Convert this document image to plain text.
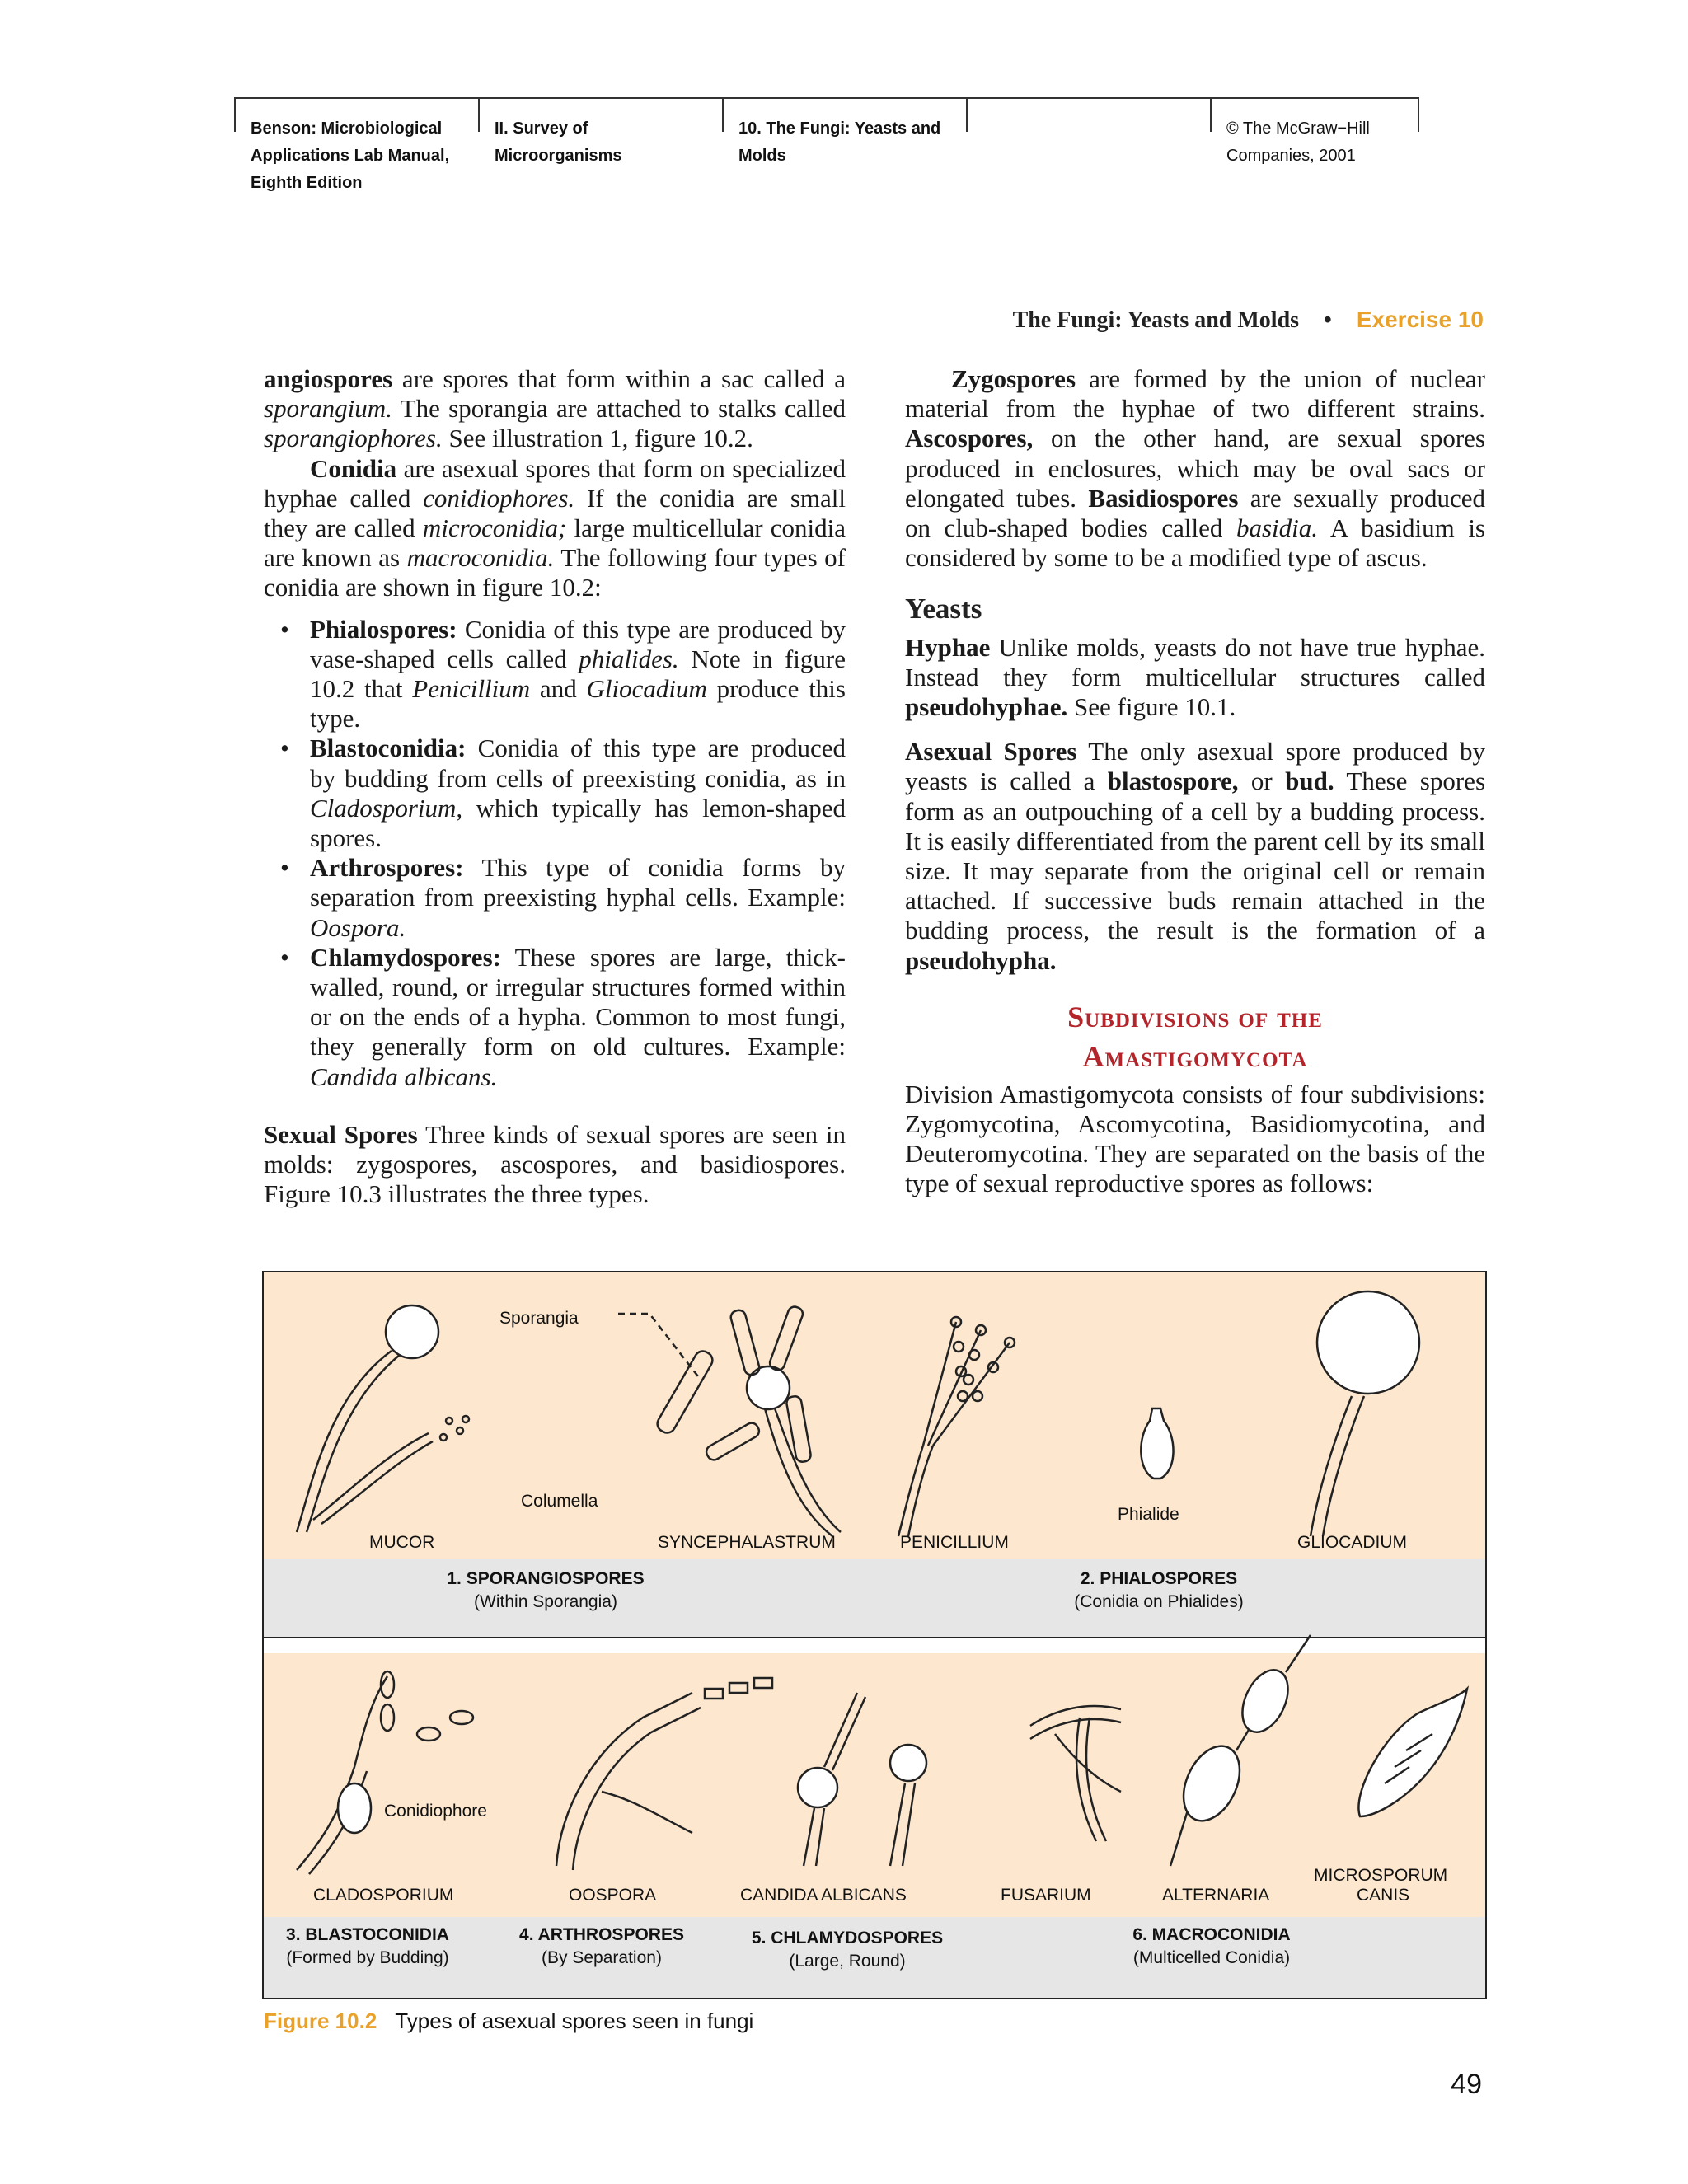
Benson: Microbiological
Applications Lab Manual,
Eighth Edition
II. Survey of
Microorganisms
10. The Fungi: Yeasts and
Molds
© The McGraw−Hill
Companies, 2001
The Fungi: Yeasts and Molds • Exercise 10

angiospores are spores that form within a sac called a sporangium. The sporangia are attached to stalks called sporangiophores. See illustration 1, figure 10.2.

Conidia are asexual spores that form on specialized hyphae called conidiophores. If the conidia are small they are called microconidia; large multicellular conidia are known as macroconidia. The following four types of conidia are shown in figure 10.2:

• Phialospores: Conidia of this type are produced by vase-shaped cells called phialides. Note in figure 10.2 that Penicillium and Gliocadium produce this type.

• Blastoconidia: Conidia of this type are produced by budding from cells of preexisting conidia, as in Cladosporium, which typically has lemon-shaped spores.

• Arthrospores: This type of conidia forms by separation from preexisting hyphal cells. Example: Oospora.

• Chlamydospores: These spores are large, thick-walled, round, or irregular structures formed within or on the ends of a hypha. Common to most fungi, they generally form on old cultures. Example: Candida albicans.

Sexual Spores Three kinds of sexual spores are seen in molds: zygospores, ascospores, and basidiospores. Figure 10.3 illustrates the three types.

Zygospores are formed by the union of nuclear material from the hyphae of two different strains. Ascospores, on the other hand, are sexual spores produced in enclosures, which may be oval sacs or elongated tubes. Basidiospores are sexually produced on club-shaped bodies called basidia. A basidium is considered by some to be a modified type of ascus.

Yeasts

Hyphae Unlike molds, yeasts do not have true hyphae. Instead they form multicellular structures called pseudohyphae. See figure 10.1.

Asexual Spores The only asexual spore produced by yeasts is called a blastospore, or bud. These spores form as an outpouching of a cell by a budding process. It is easily differentiated from the parent cell by its small size. It may separate from the original cell or remain attached. If successive buds remain attached in the budding process, the result is the formation of a pseudohypha.

Subdivisions of the
Amastigomycota

Division Amastigomycota consists of four subdivisions: Zygomycotina, Ascomycotina, Basidiomycotina, and Deuteromycotina. They are separated on the basis of the type of sexual reproductive spores as follows:

Sporangia
Columella
Phialide
MUCOR	SYNCEPHALASTRUM	PENICILLIUM	GLIOCADIUM
1. SPORANGIOSPORES
(Within Sporangia)
2. PHIALOSPORES
(Conidia on Phialides)
Conidiophore
CLADOSPORIUM	OOSPORA	CANDIDA ALBICANS	FUSARIUM	ALTERNARIA
MICROSPORUM
CANIS
3. BLASTOCONIDIA
(Formed by Budding)
4. ARTHROSPORES
(By Separation)
5. CHLAMYDOSPORES
(Large, Round)
6. MACROCONIDIA
(Multicelled Conidia)
Figure 10.2 Types of asexual spores seen in fungi
49
